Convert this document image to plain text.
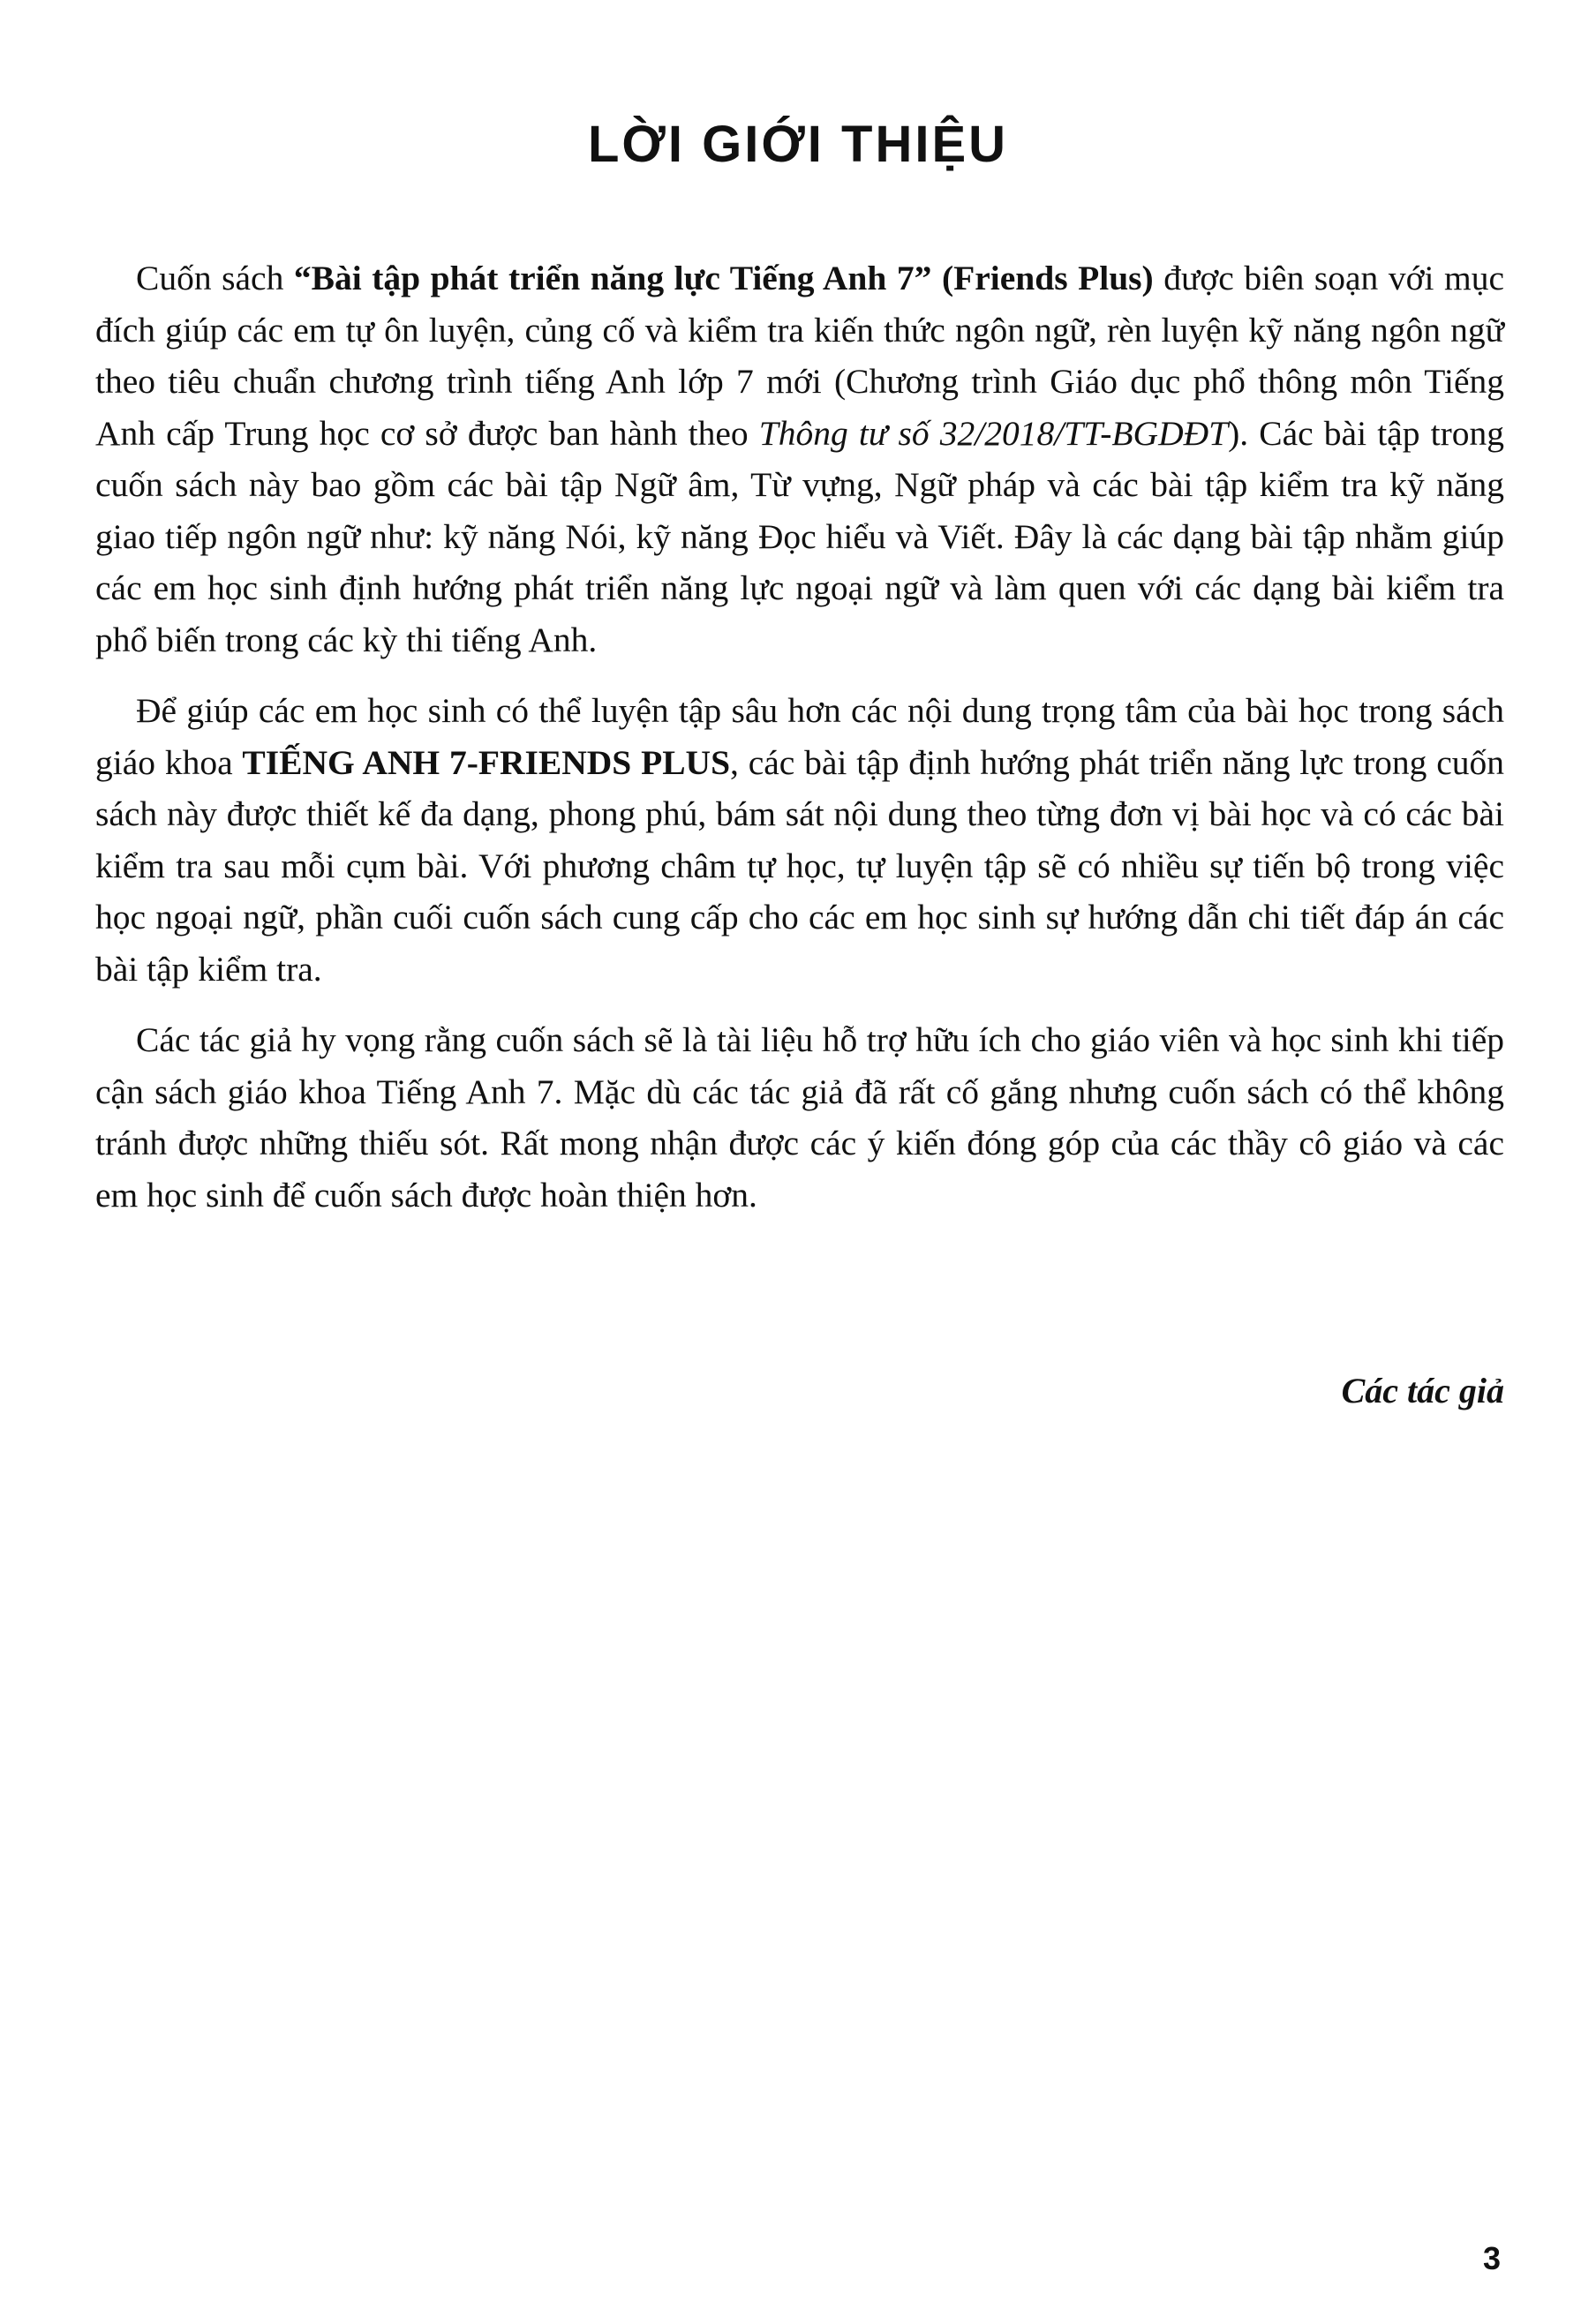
LỜI GIỚI THIỆU

Cuốn sách “Bài tập phát triển năng lực Tiếng Anh 7” (Friends Plus) được biên soạn với mục đích giúp các em tự ôn luyện, củng cố và kiểm tra kiến thức ngôn ngữ, rèn luyện kỹ năng ngôn ngữ theo tiêu chuẩn chương trình tiếng Anh lớp 7 mới (Chương trình Giáo dục phổ thông môn Tiếng Anh cấp Trung học cơ sở được ban hành theo Thông tư số 32/2018/TT-BGDĐT). Các bài tập trong cuốn sách này bao gồm các bài tập Ngữ âm, Từ vựng, Ngữ pháp và các bài tập kiểm tra kỹ năng giao tiếp ngôn ngữ như: kỹ năng Nói, kỹ năng Đọc hiểu và Viết. Đây là các dạng bài tập nhằm giúp các em học sinh định hướng phát triển năng lực ngoại ngữ và làm quen với các dạng bài kiểm tra phổ biến trong các kỳ thi tiếng Anh.

Để giúp các em học sinh có thể luyện tập sâu hơn các nội dung trọng tâm của bài học trong sách giáo khoa TIẾNG ANH 7-FRIENDS PLUS, các bài tập định hướng phát triển năng lực trong cuốn sách này được thiết kế đa dạng, phong phú, bám sát nội dung theo từng đơn vị bài học và có các bài kiểm tra sau mỗi cụm bài. Với phương châm tự học, tự luyện tập sẽ có nhiều sự tiến bộ trong việc học ngoại ngữ, phần cuối cuốn sách cung cấp cho các em học sinh sự hướng dẫn chi tiết đáp án các bài tập kiểm tra.

Các tác giả hy vọng rằng cuốn sách sẽ là tài liệu hỗ trợ hữu ích cho giáo viên và học sinh khi tiếp cận sách giáo khoa Tiếng Anh 7. Mặc dù các tác giả đã rất cố gắng nhưng cuốn sách có thể không tránh được những thiếu sót. Rất mong nhận được các ý kiến đóng góp của các thầy cô giáo và các em học sinh để cuốn sách được hoàn thiện hơn.

Các tác giả
3
